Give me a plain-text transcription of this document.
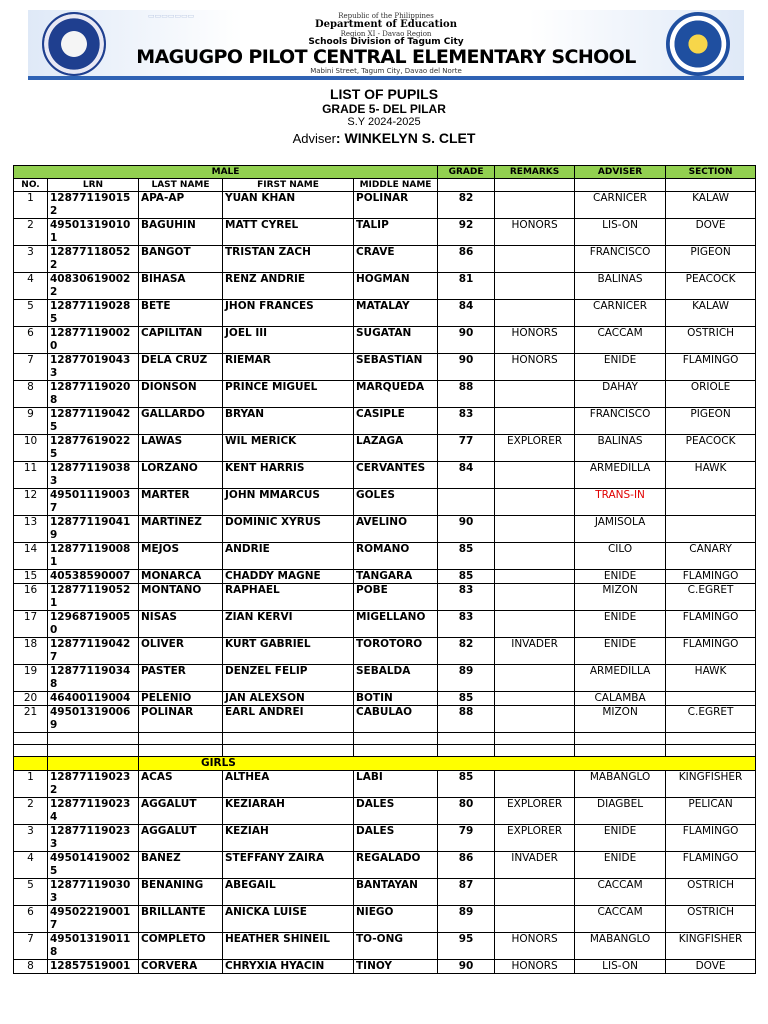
▭▭▭▭▭▭▭	Republic of the Philippines
Department of Education
Region XI - Davao Region
Schools Division of Tagum City
MAGUGPO PILOT CENTRAL ELEMENTARY SCHOOL
Mabini Street, Tagum City, Davao del Norte
LIST OF PUPILS
GRADE 5- DEL PILAR
S.Y 2024-2025
Adviser: WINKELYN S. CLET
MALE					GRADE	REMARKS	ADVISER	SECTION
NO.	LRN	LAST NAME	FIRST NAME	MIDDLE NAME				
1	128771190152	APA-AP	YUAN KHAN	POLINAR	82		CARNICER	KALAW
2	495013190101	BAGUHIN	MATT CYREL	TALIP	92	HONORS	LIS-ON	DOVE
3	128771180522	BANGOT	TRISTAN ZACH	CRAVE	86		FRANCISCO	PIGEON
4	408306190022	BIHASA	RENZ ANDRIE	HOGMAN	81		BALINAS	PEACOCK
5	128771190285	BETE	JHON FRANCES	MATALAY	84		CARNICER	KALAW
6	128771190020	CAPILITAN	JOEL III	SUGATAN	90	HONORS	CACCAM	OSTRICH
7	128770190433	DELA CRUZ	RIEMAR	SEBASTIAN	90	HONORS	ENIDE	FLAMINGO
8	128771190208	DIONSON	PRINCE MIGUEL	MARQUEDA	88		DAHAY	ORIOLE
9	128771190425	GALLARDO	BRYAN	CASIPLE	83		FRANCISCO	PIGEON
10	128776190225	LAWAS	WIL MERICK	LAZAGA	77	EXPLORER	BALINAS	PEACOCK
11	128771190383	LORZANO	KENT HARRIS	CERVANTES	84		ARMEDILLA	HAWK
12	495011190037	MARTER	JOHN MMARCUS	GOLES			TRANS-IN	
13	128771190419	MARTINEZ	DOMINIC XYRUS	AVELINO	90		JAMISOLA	
14	128771190081	MEJOS	ANDRIE	ROMANO	85		CILO	CANARY
15	40538590007	MONARCA	CHADDY MAGNE	TANGARA	85		ENIDE	FLAMINGO
16	128771190521	MONTAÑO	RAPHAEL	POBE	83		MIZON	C.EGRET
17	129687190050	NISAS	ZIAN KERVI	MIGELLANO	83		ENIDE	FLAMINGO
18	128771190427	OLIVER	KURT GABRIEL	TOROTORO	82	INVADER	ENIDE	FLAMINGO
19	128771190348	PASTER	DENZEL FELIP	SEBALDA	89		ARMEDILLA	HAWK
20	46400119004	PELENIO	JAN ALEXSON	BOTIN	85		CALAMBA	
21	495013190069	POLINAR	EARL ANDREI	CABULAO	88		MIZON	C.EGRET

		GIRLS						
1	128771190232	ACAS	ALTHEA	LABI	85		MABANGLO	KINGFISHER
2	128771190234	AGGALUT	KEZIARAH	DALES	80	EXPLORER	DIAGBEL	PELICAN
3	128771190233	AGGALUT	KEZIAH	DALES	79	EXPLORER	ENIDE	FLAMINGO
4	495014190025	BAÑEZ	STEFFANY ZAIRA	REGALADO	86	INVADER	ENIDE	FLAMINGO
5	128771190303	BENANING	ABEGAIL	BANTAYAN	87		CACCAM	OSTRICH
6	495022190017	BRILLANTE	ANICKA LUISE	NIEGO	89		CACCAM	OSTRICH
7	495013190118	COMPLETO	HEATHER SHINEIL	TO-ONG	95	HONORS	MABANGLO	KINGFISHER
8	12857519001	CORVERA	CHRYXIA HYACIN	TINOY	90	HONORS	LIS-ON	DOVE
